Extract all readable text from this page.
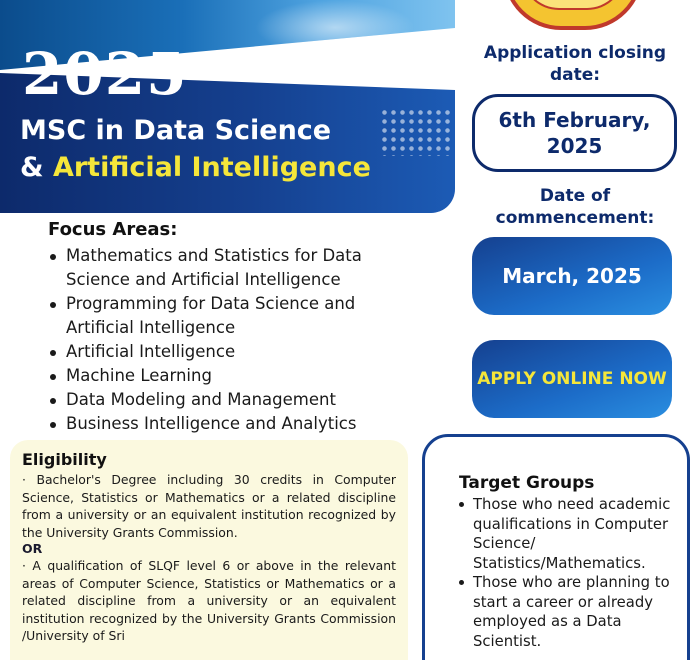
2025
MSC in Data Science
& Artificial Intelligence
Application closing date:
6th February, 2025
Date of commencement:
March, 2025
APPLY ONLINE NOW
Focus Areas:
Mathematics and Statistics for Data Science and Artificial Intelligence
Programming for Data Science and Artificial Intelligence
Artificial Intelligence
Machine Learning
Data Modeling and Management
Business Intelligence and Analytics
Eligibility

· Bachelor's Degree including 30 credits in Computer Science, Statistics or Mathematics or a related discipline from a university or an equivalent institution recognized by the University Grants Commission.

OR

· A qualification of SLQF level 6 or above in the relevant areas of Computer Science, Statistics or Mathematics or a related discipline from a university or an equivalent institution recognized by the University Grants Commission /University of Sri

Target Groups
Those who need academic qualifications in Computer Science/ Statistics/Mathematics.
Those who are planning to start a career or already employed as a Data Scientist.
